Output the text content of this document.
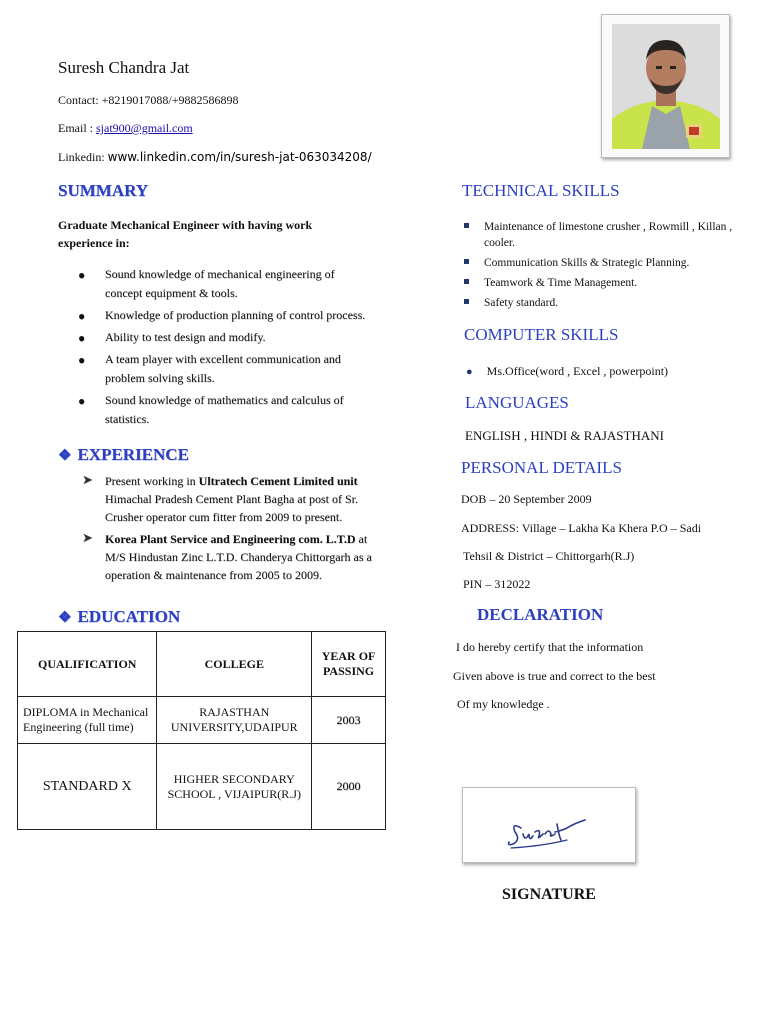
Suresh Chandra Jat
Contact: +8219017088/+9882586898
Email : sjat900@gmail.com
Linkedin: www.linkedin.com/in/suresh-jat-063034208/
SUMMARY
Graduate Mechanical Engineer with having work experience in:
● Sound knowledge of mechanical engineering of concept equipment & tools.
● Knowledge of production planning of control process.
● Ability to test design and modify.
● A team player with excellent communication and problem solving skills.
● Sound knowledge of mathematics and calculus of statistics.
❖ EXPERIENCE
➤ Present working in Ultratech Cement Limited unit Himachal Pradesh Cement Plant Bagha at post of Sr. Crusher operator cum fitter from 2009 to present.
➤ Korea Plant Service and Engineering com. L.T.D at M/S Hindustan Zinc L.T.D. Chanderya Chittorgarh as a operation & maintenance from 2005 to 2009.
❖ EDUCATION
QUALIFICATION	COLLEGE	YEAR OF PASSING
DIPLOMA in Mechanical Engineering (full time)	RAJASTHAN UNIVERSITY,UDAIPUR	2003
STANDARD X	HIGHER SECONDARY SCHOOL , VIJAIPUR(R.J)	2000
TECHNICAL SKILLS
Maintenance of limestone crusher , Rowmill , Killan , cooler.
Communication Skills & Strategic Planning.
Teamwork & Time Management.
Safety standard.
COMPUTER SKILLS
● Ms.Office(word , Excel , powerpoint)
LANGUAGES
ENGLISH , HINDI & RAJASTHANI
PERSONAL DETAILS
DOB – 20 September 2009
ADDRESS: Village – Lakha Ka Khera P.O – Sadi
Tehsil & District – Chittorgarh(R.J)
PIN – 312022
DECLARATION
I do hereby certify that the information
Given above is true and correct to the best
Of my knowledge .
SIGNATURE
